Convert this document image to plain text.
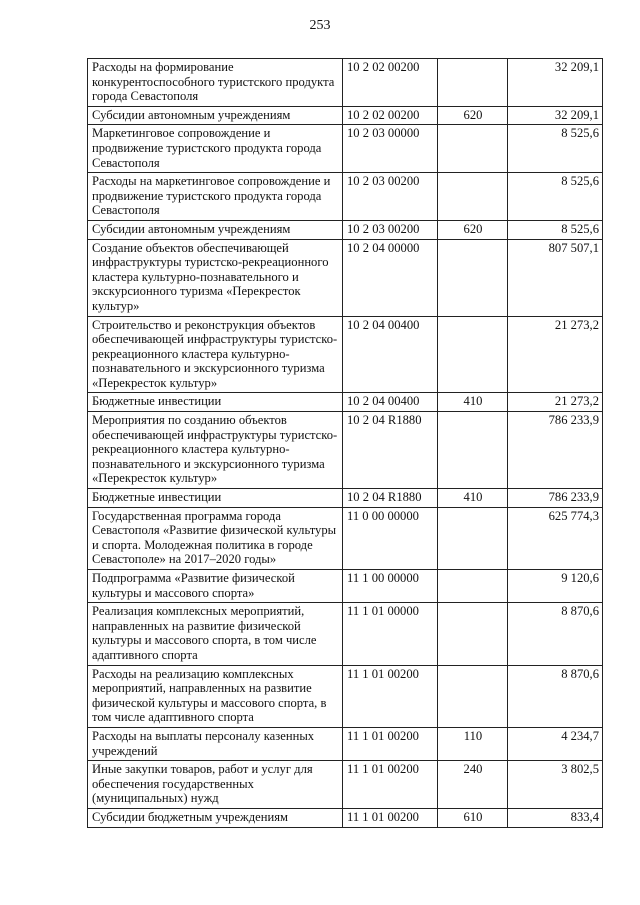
253
Расходы на формирование конкурентоспособного туристского продукта города Севастополя	10 2 02 00200		32 209,1
Субсидии автономным учреждениям	10 2 02 00200	620	32 209,1
Маркетинговое сопровождение и продвижение туристского продукта города Севастополя	10 2 03 00000		8 525,6
Расходы на маркетинговое сопровождение и продвижение туристского продукта города Севастополя	10 2 03 00200		8 525,6
Субсидии автономным учреждениям	10 2 03 00200	620	8 525,6
Создание объектов обеспечивающей инфраструктуры туристско-рекреационного кластера культурно-познавательного и экскурсионного туризма «Перекресток культур»	10 2 04 00000		807 507,1
Строительство и реконструкция объектов обеспечивающей инфраструктуры туристско-рекреационного кластера культурно-познавательного и экскурсионного туризма «Перекресток культур»	10 2 04 00400		21 273,2
Бюджетные инвестиции	10 2 04 00400	410	21 273,2
Мероприятия по созданию объектов обеспечивающей инфраструктуры туристско-рекреационного кластера культурно-познавательного и экскурсионного туризма «Перекресток культур»	10 2 04 R1880		786 233,9
Бюджетные инвестиции	10 2 04 R1880	410	786 233,9
Государственная программа города Севастополя «Развитие физической культуры и спорта. Молодежная политика в городе Севастополе» на 2017–2020 годы»	11 0 00 00000		625 774,3
Подпрограмма «Развитие физической культуры и массового спорта»	11 1 00 00000		9 120,6
Реализация комплексных мероприятий, направленных на развитие физической культуры и массового спорта, в том числе адаптивного спорта	11 1 01 00000		8 870,6
Расходы на реализацию комплексных мероприятий, направленных на развитие физической культуры и массового спорта, в том числе адаптивного спорта	11 1 01 00200		8 870,6
Расходы на выплаты персоналу казенных учреждений	11 1 01 00200	110	4 234,7
Иные закупки товаров, работ и услуг для обеспечения государственных (муниципальных) нужд	11 1 01 00200	240	3 802,5
Субсидии бюджетным учреждениям	11 1 01 00200	610	833,4
